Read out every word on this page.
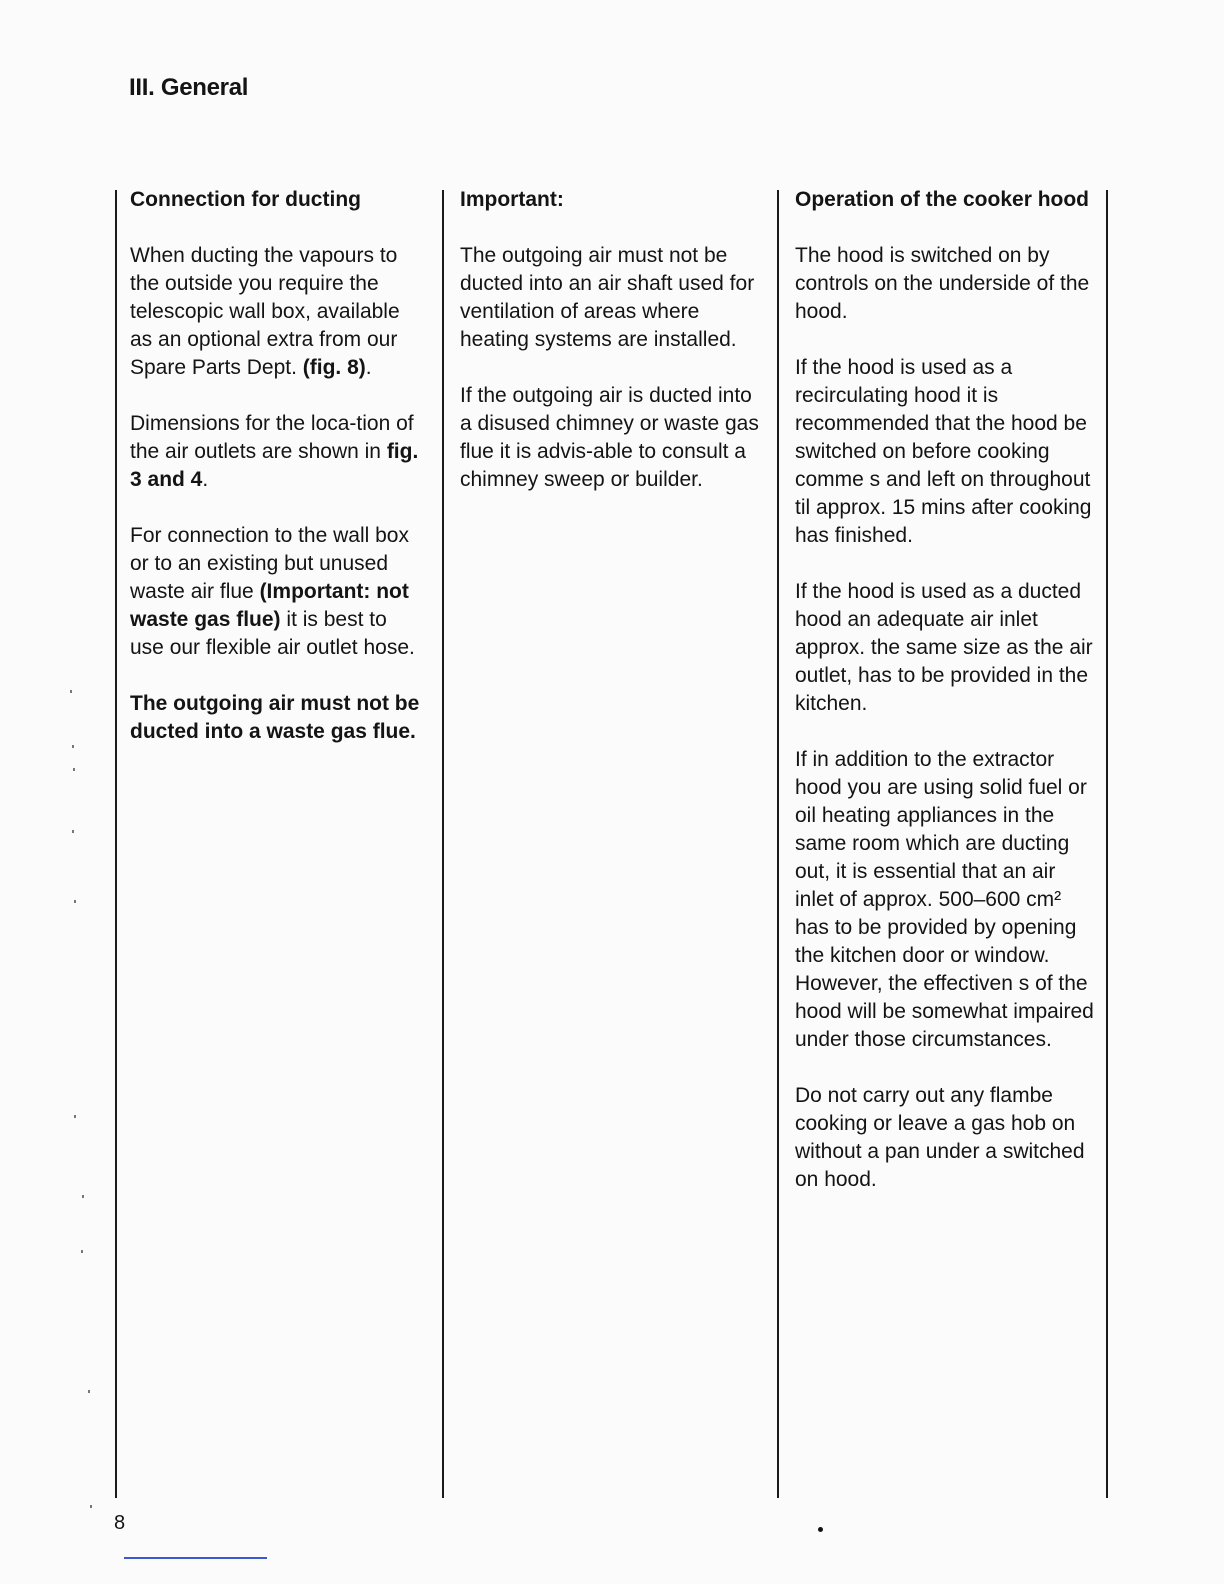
III. General
Connection for ducting

When ducting the vapours to the outside you require the telescopic wall box, available as an optional extra from our Spare Parts Dept. (fig. 8).

Dimensions for the loca-tion of the air outlets are shown in fig. 3 and 4.

For connection to the wall box or to an existing but unused waste air flue (Important: not waste gas flue) it is best to use our flexible air outlet hose.

The outgoing air must not be ducted into a waste gas flue.

Important:

The outgoing air must not be ducted into an air shaft used for ventilation of areas where heating systems are installed.

If the outgoing air is ducted into a disused chimney or waste gas flue it is advis-able to consult a chimney sweep or builder.

Operation of the cooker hood

The hood is switched on by controls on the underside of the hood.

If the hood is used as a recirculating hood it is recommended that the hood be switched on before cooking comme s and left on throughout til approx. 15 mins after cooking has finished.

If the hood is used as a ducted hood an adequate air inlet approx. the same size as the air outlet, has to be provided in the kitchen.

If in addition to the extractor hood you are using solid fuel or oil heating appliances in the same room which are ducting out, it is essential that an air inlet of approx. 500–600 cm² has to be provided by opening the kitchen door or window. However, the effectiven s of the hood will be somewhat impaired under those circumstances.

Do not carry out any flambe cooking or leave a gas hob on without a pan under a switched on hood.

8
